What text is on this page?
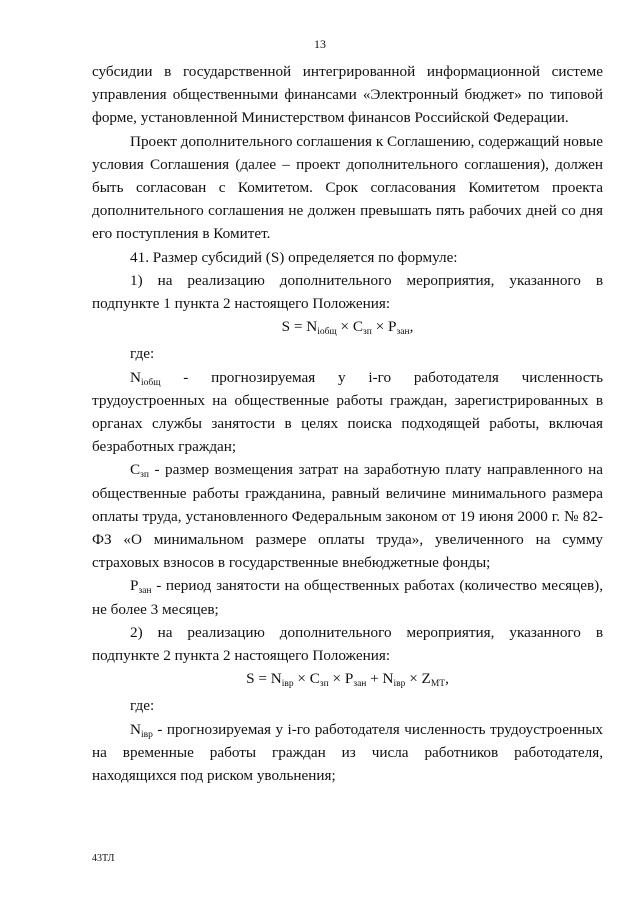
13

субсидии в государственной интегрированной информационной системе управления общественными финансами «Электронный бюджет» по типовой форме, установленной Министерством финансов Российской Федерации.

Проект дополнительного соглашения к Соглашению, содержащий новые условия Соглашения (далее – проект дополнительного соглашения), должен быть согласован с Комитетом. Срок согласования Комитетом проекта дополнительного соглашения не должен превышать пять рабочих дней со дня его поступления в Комитет.

41. Размер субсидий (S) определяется по формуле:

1) на реализацию дополнительного мероприятия, указанного в подпункте 1 пункта 2 настоящего Положения:

$S = N_{iобщ} \times C_{зп} \times P_{зан}$,

где:

$N_{iобщ}$ - прогнозируемая у i-го работодателя численность трудоустроенных на общественные работы граждан, зарегистрированных в органах службы занятости в целях поиска подходящей работы, включая безработных граждан;

$C_{зп}$ - размер возмещения затрат на заработную плату направленного на общественные работы гражданина, равный величине минимального размера оплаты труда, установленного Федеральным законом от 19 июня 2000 г. № 82-ФЗ «О минимальном размере оплаты труда», увеличенного на сумму страховых взносов в государственные внебюджетные фонды;

$P_{зан}$ - период занятости на общественных работах (количество месяцев), не более 3 месяцев;

2) на реализацию дополнительного мероприятия, указанного в подпункте 2 пункта 2 настоящего Положения:

$S = N_{iвр} \times C_{зп} \times P_{зан} + N_{iвр} \times Z_{МТ}$,

где:

$N_{iвр}$ - прогнозируемая у i-го работодателя численность трудоустроенных на временные работы граждан из числа работников работодателя, находящихся под риском увольнения;

43ТЛ
